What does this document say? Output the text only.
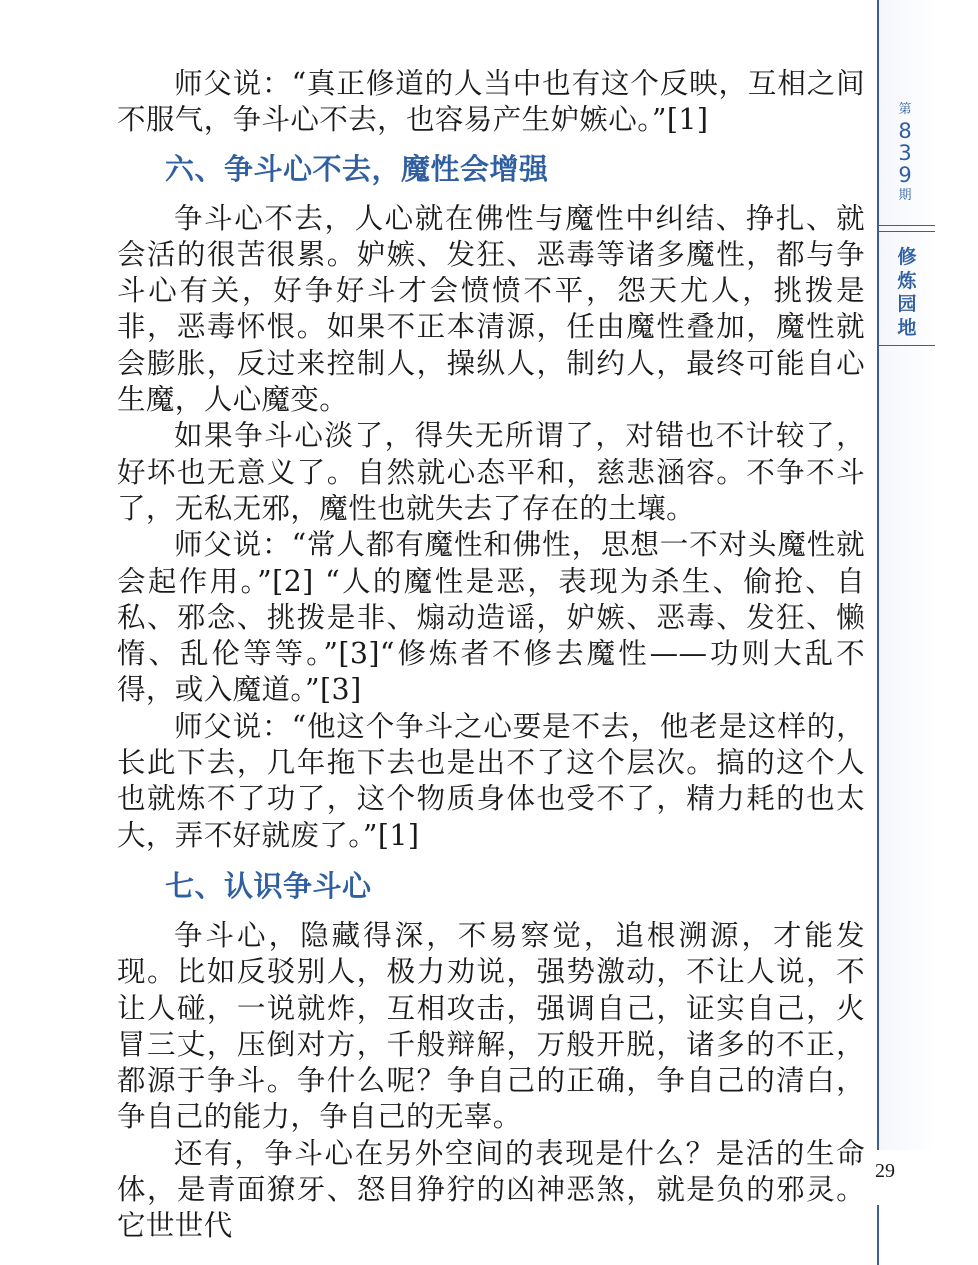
第
8
3
9
期
修
炼
园
地

师父说：“真正修道的人当中也有这个反映，互相之间不服气，争斗心不去，也容易产生妒嫉心。”[1]

六、争斗心不去，魔性会增强

争斗心不去，人心就在佛性与魔性中纠结、挣扎、就会活的很苦很累。妒嫉、发狂、恶毒等诸多魔性，都与争斗心有关，好争好斗才会愤愤不平，怨天尤人，挑拨是非，恶毒怀恨。如果不正本清源，任由魔性叠加，魔性就会膨胀，反过来控制人，操纵人，制约人，最终可能自心生魔，人心魔变。

如果争斗心淡了，得失无所谓了，对错也不计较了，好坏也无意义了。自然就心态平和，慈悲涵容。不争不斗了，无私无邪，魔性也就失去了存在的土壤。

师父说：“常人都有魔性和佛性，思想一不对头魔性就会起作用。”[2] “人的魔性是恶，表现为杀生、偷抢、自私、邪念、挑拨是非、煽动造谣，妒嫉、恶毒、发狂、懒惰、乱伦等等。”[3]“修炼者不修去魔性——功则大乱不得，或入魔道。”[3]

师父说：“他这个争斗之心要是不去，他老是这样的，长此下去，几年拖下去也是出不了这个层次。搞的这个人也就炼不了功了，这个物质身体也受不了，精力耗的也太大，弄不好就废了。”[1]

七、认识争斗心

争斗心，隐藏得深，不易察觉，追根溯源，才能发现。比如反驳别人，极力劝说，强势激动，不让人说，不让人碰，一说就炸，互相攻击，强调自己，证实自己，火冒三丈，压倒对方，千般辩解，万般开脱，诸多的不正，都源于争斗。争什么呢？争自己的正确，争自己的清白，争自己的能力，争自己的无辜。

还有，争斗心在另外空间的表现是什么？是活的生命体，是青面獠牙、怒目狰狞的凶神恶煞，就是负的邪灵。它世世代

29
